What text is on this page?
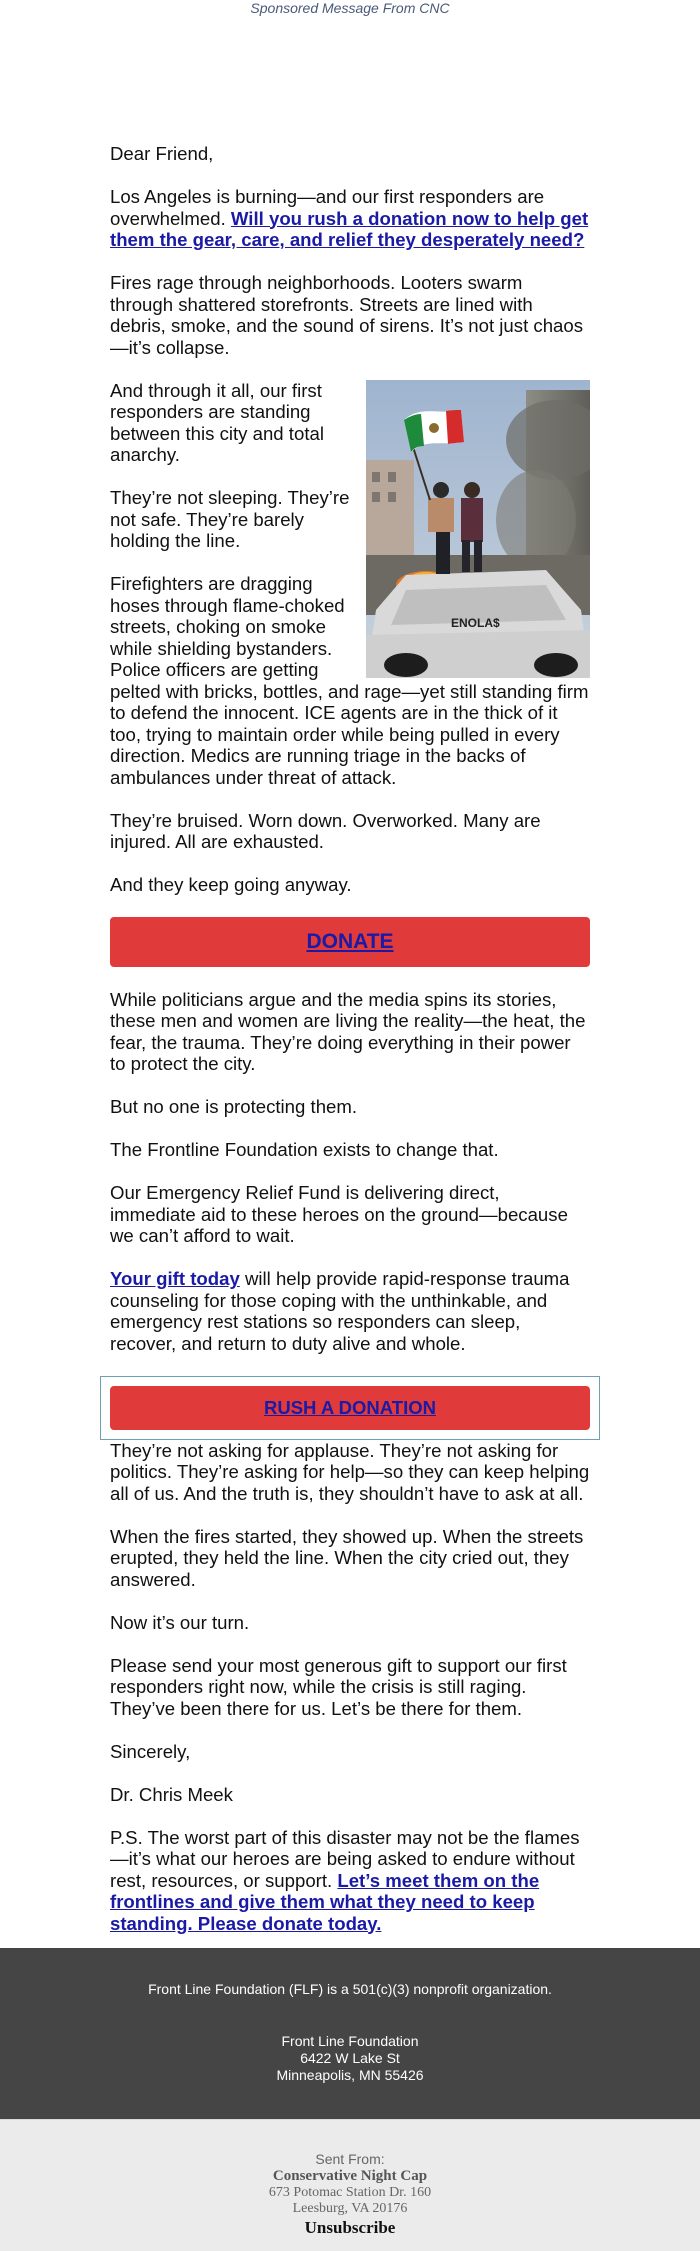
Sponsored Message From CNC

Dear Friend,

Los Angeles is burning—and our first responders are overwhelmed. Will you rush a donation now to help get them the gear, care, and relief they desperately need?

Fires rage through neighborhoods. Looters swarm through shattered storefronts. Streets are lined with debris, smoke, and the sound of sirens. It’s not just chaos—it’s collapse.

ENOLA$

And through it all, our first responders are standing between this city and total anarchy.

They’re not sleeping. They’re not safe. They’re barely holding the line.

Firefighters are dragging hoses through flame-choked streets, choking on smoke while shielding bystanders. Police officers are getting pelted with bricks, bottles, and rage—yet still standing firm to defend the innocent. ICE agents are in the thick of it too, trying to maintain order while being pulled in every direction. Medics are running triage in the backs of ambulances under threat of attack.

They’re bruised. Worn down. Overworked. Many are injured. All are exhausted.

And they keep going anyway.

DONATE

While politicians argue and the media spins its stories, these men and women are living the reality—the heat, the fear, the trauma. They’re doing everything in their power to protect the city.

But no one is protecting them.

The Frontline Foundation exists to change that.

Our Emergency Relief Fund is delivering direct, immediate aid to these heroes on the ground—because we can’t afford to wait.

Your gift today will help provide rapid-response trauma counseling for those coping with the unthinkable, and emergency rest stations so responders can sleep, recover, and return to duty alive and whole.

RUSH A DONATION

They’re not asking for applause. They’re not asking for politics. They’re asking for help—so they can keep helping all of us. And the truth is, they shouldn’t have to ask at all.

When the fires started, they showed up. When the streets erupted, they held the line. When the city cried out, they answered.

Now it’s our turn.

Please send your most generous gift to support our first responders right now, while the crisis is still raging. They’ve been there for us. Let’s be there for them.

Sincerely,

Dr. Chris Meek

P.S. The worst part of this disaster may not be the flames—it’s what our heroes are being asked to endure without rest, resources, or support. Let’s meet them on the frontlines and give them what they need to keep standing. Please donate today.

Front Line Foundation (FLF) is a 501(c)(3) nonprofit organization.
Front Line Foundation
6422 W Lake St
Minneapolis, MN 55426
Sent From:
Conservative Night Cap
673 Potomac Station Dr. 160
Leesburg, VA 20176
Unsubscribe
